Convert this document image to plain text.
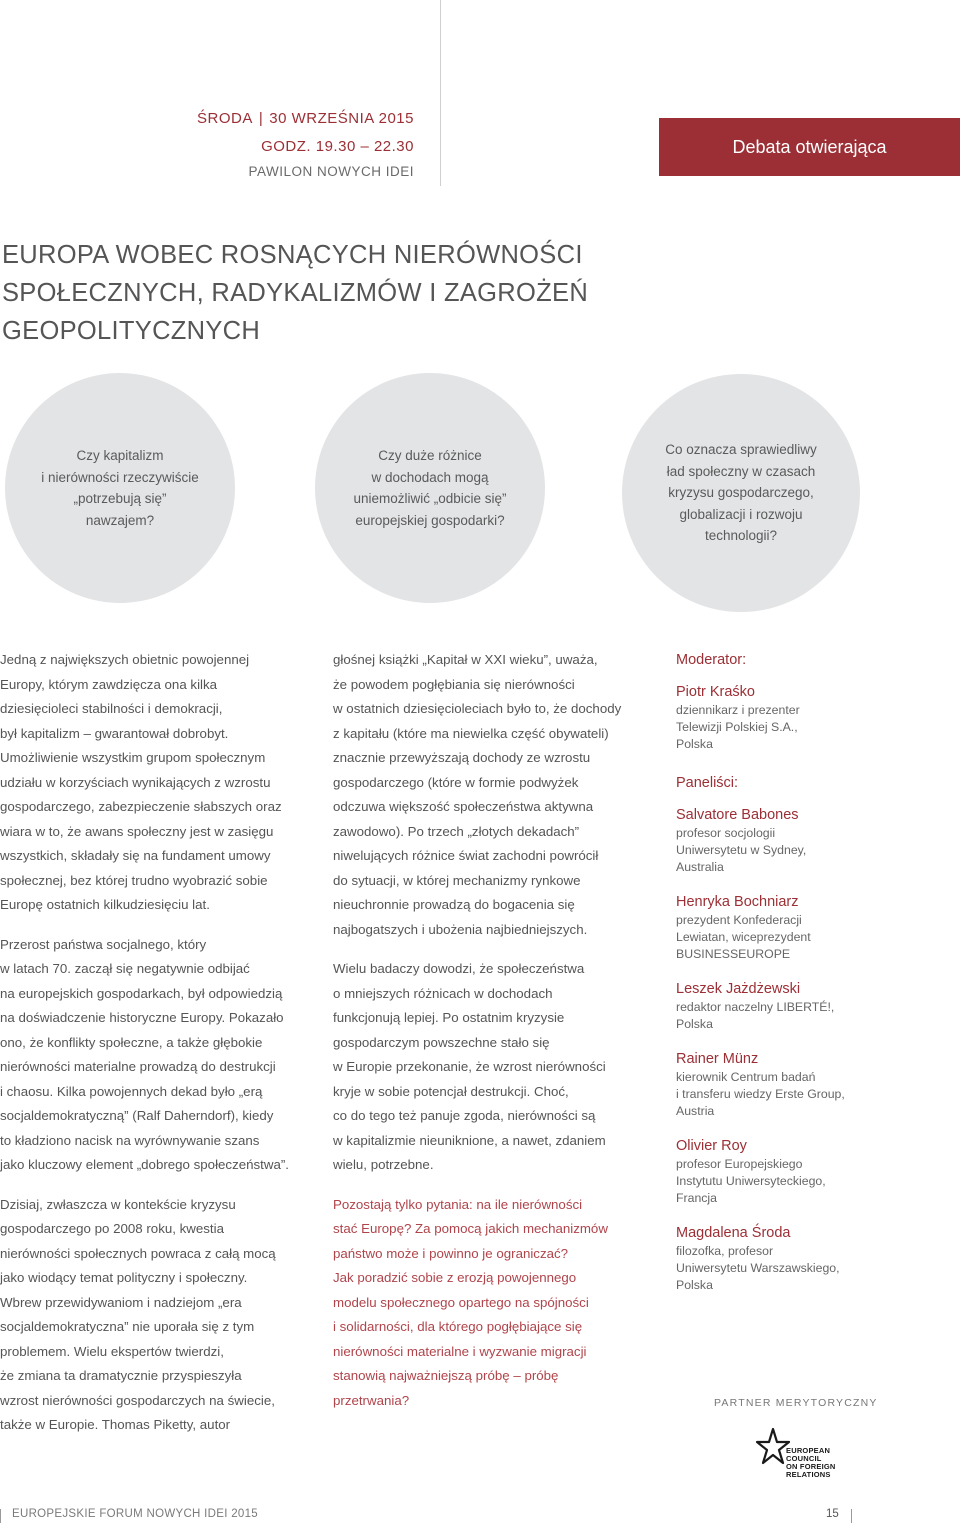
ŚRODA | 30 WRZEŚNIA 2015
GODZ. 19.30 – 22.30
PAWILON NOWYCH IDEI
Debata otwierająca
EUROPA WOBEC ROSNĄCYCH NIERÓWNOŚCI SPOŁECZNYCH, RADYKALIZMÓW I ZAGROŻEŃ GEOPOLITYCZNYCH
Czy kapitalizm
i nierówności rzeczywiście
„potrzebują się”
nawzajem?
Czy duże różnice
w dochodach mogą
uniemożliwić „odbicie się”
europejskiej gospodarki?
Co oznacza sprawiedliwy
ład społeczny w czasach
kryzysu gospodarczego,
globalizacji i rozwoju
technologii?

Jedną z największych obietnic powojennej
Europy, którym zawdzięcza ona kilka
dziesięcioleci stabilności i demokracji,
był kapitalizm – gwarantował dobrobyt.
Umożliwienie wszystkim grupom społecznym
udziału w korzyściach wynikających z wzrostu
gospodarczego, zabezpieczenie słabszych oraz
wiara w to, że awans społeczny jest w zasięgu
wszystkich, składały się na fundament umowy
społecznej, bez której trudno wyobrazić sobie
Europę ostatnich kilkudziesięciu lat.

Przerost państwa socjalnego, który
w latach 70. zaczął się negatywnie odbijać
na europejskich gospodarkach, był odpowiedzią
na doświadczenie historyczne Europy. Pokazało
ono, że konflikty społeczne, a także głębokie
nierówności materialne prowadzą do destrukcji
i chaosu. Kilka powojennych dekad było „erą
socjaldemokratyczną” (Ralf Daherndorf), kiedy
to kładziono nacisk na wyrównywanie szans
jako kluczowy element „dobrego społeczeństwa”.

Dzisiaj, zwłaszcza w kontekście kryzysu
gospodarczego po 2008 roku, kwestia
nierówności społecznych powraca z całą mocą
jako wiodący temat polityczny i społeczny.
Wbrew przewidywaniom i nadziejom „era
socjaldemokratyczna” nie uporała się z tym
problemem. Wielu ekspertów twierdzi,
że zmiana ta dramatycznie przyspieszyła
wzrost nierówności gospodarczych na świecie,
także w Europie. Thomas Piketty, autor

głośnej książki „Kapitał w XXI wieku”, uważa,
że powodem pogłębiania się nierówności
w ostatnich dziesięcioleciach było to, że dochody
z kapitału (które ma niewielka część obywateli)
znacznie przewyższają dochody ze wzrostu
gospodarczego (które w formie podwyżek
odczuwa większość społeczeństwa aktywna
zawodowo). Po trzech „złotych dekadach”
niwelujących różnice świat zachodni powrócił
do sytuacji, w której mechanizmy rynkowe
nieuchronnie prowadzą do bogacenia się
najbogatszych i ubożenia najbiedniejszych.

Wielu badaczy dowodzi, że społeczeństwa
o mniejszych różnicach w dochodach
funkcjonują lepiej. Po ostatnim kryzysie
gospodarczym powszechne stało się
w Europie przekonanie, że wzrost nierówności
kryje w sobie potencjał destrukcji. Choć,
co do tego też panuje zgoda, nierówności są
w kapitalizmie nieuniknione, a nawet, zdaniem
wielu, potrzebne.

Pozostają tylko pytania: na ile nierówności
stać Europę? Za pomocą jakich mechanizmów
państwo może i powinno je ograniczać?
Jak poradzić sobie z erozją powojennego
modelu społecznego opartego na spójności
i solidarności, dla którego pogłębiające się
nierówności materialne i wyzwanie migracji
stanowią najważniejszą próbę – próbę
przetrwania?

Moderator:
Piotr Kraśko
dziennikarz i prezenter
Telewizji Polskiej S.A.,
Polska
Paneliści:
Salvatore Babones
profesor socjologii
Uniwersytetu w Sydney,
Australia
Henryka Bochniarz
prezydent Konfederacji
Lewiatan, wiceprezydent
BUSINESSEUROPE
Leszek Jażdżewski
redaktor naczelny LIBERTÉ!,
Polska
Rainer Münz
kierownik Centrum badań
i transferu wiedzy Erste Group,
Austria
Olivier Roy
profesor Europejskiego
Instytutu Uniwersyteckiego,
Francja
Magdalena Środa
filozofka, profesor
Uniwersytetu Warszawskiego,
Polska
PARTNER MERYTORYCZNY
EUROPEAN
COUNCIL
ON FOREIGN
RELATIONS
EUROPEJSKIE FORUM NOWYCH IDEI 2015	15
